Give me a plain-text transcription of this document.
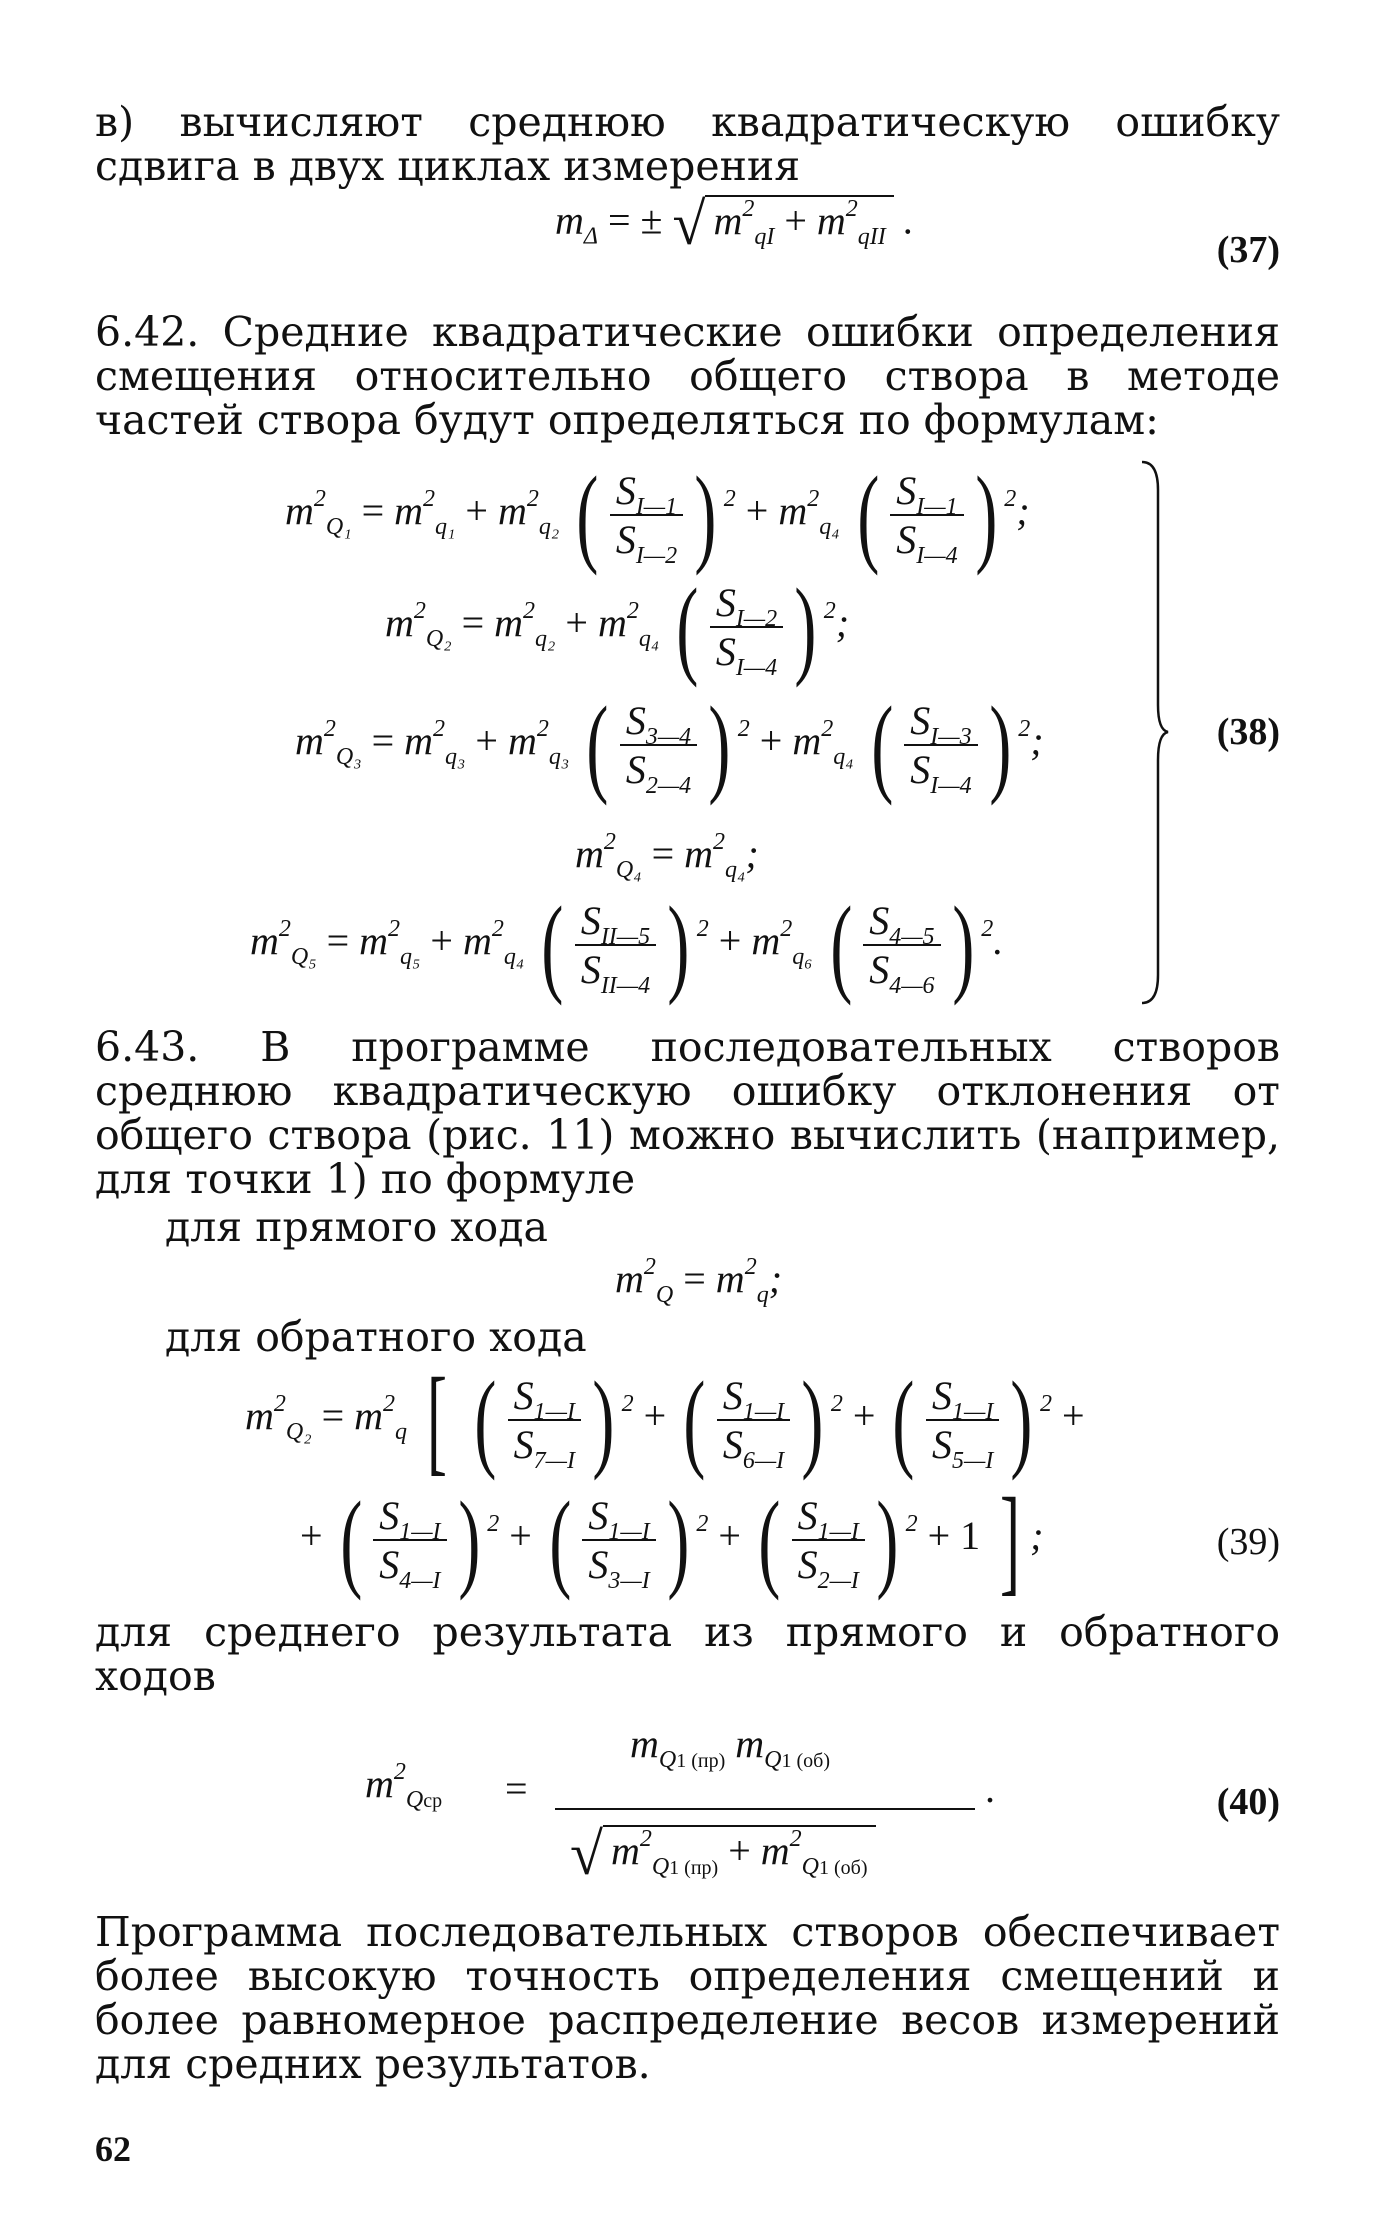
в) вычисляют среднюю квадратическую ошибку сдвига в двух циклах измерения

$m_\Delta$ = ± √ $m^2_{qI} + m^2_{qII}$ .
(37)

6.42. Средние квадратические ошибки определения смещения относительно общего створа в методе частей створа будут определяться по формулам:

$m^2_{Q_1} = m^2_{q_1} + m^2_{q_2}$ ( $\frac{S_{I—1}}{S_{I—2}}$ ) $^2 + m^2_{q_4}$ ( $\frac{S_{I—1}}{S_{I—4}}$ ) $^2$;
$m^2_{Q_2} = m^2_{q_2} + m^2_{q_4}$ ( $\frac{S_{I—2}}{S_{I—4}}$ ) $^2$;
$m^2_{Q_3} = m^2_{q_3} + m^2_{q_3}$ ( $\frac{S_{3—4}}{S_{2—4}}$ ) $^2 + m^2_{q_4}$ ( $\frac{S_{I—3}}{S_{I—4}}$ ) $^2$;
$m^2_{Q_4} = m^2_{q_4}$;
$m^2_{Q_5} = m^2_{q_5} + m^2_{q_4}$ ( $\frac{S_{II—5}}{S_{II—4}}$ ) $^2 + m^2_{q_6}$ ( $\frac{S_{4—5}}{S_{4—6}}$ ) $^2$.
(38)

6.43. В программе последовательных створов среднюю квадратическую ошибку отклонения от общего створа (рис. 11) можно вычислить (например, для точки 1) по формуле

для прямого хода

$m^2_Q = m^2_q$;

для обратного хода

$m^2_{Q_2} = m^2_q$ [ ( $\frac{S_{1—I}}{S_{7—I}}$ ) $^2$ + ( $\frac{S_{1—I}}{S_{6—I}}$ ) $^2$ + ( $\frac{S_{1—I}}{S_{5—I}}$ ) $^2$ +
+ ( $\frac{S_{1—I}}{S_{4—I}}$ ) $^2$ + ( $\frac{S_{1—I}}{S_{3—I}}$ ) $^2$ + ( $\frac{S_{1—I}}{S_{2—I}}$ ) $^2$ + 1 ] ;	(39)

для среднего результата из прямого и обратного ходов

$m^2_{Qср}$	=
$m_{Q1 (пр)}$ $m_{Q1 (об)}$
√ $m^2_{Q1 (пр)} + m^2_{Q1 (об)}$
.	(40)

Программа последовательных створов обеспечивает более высокую точность определения смещений и более равномерное распределение весов измерений для средних результатов.

62
